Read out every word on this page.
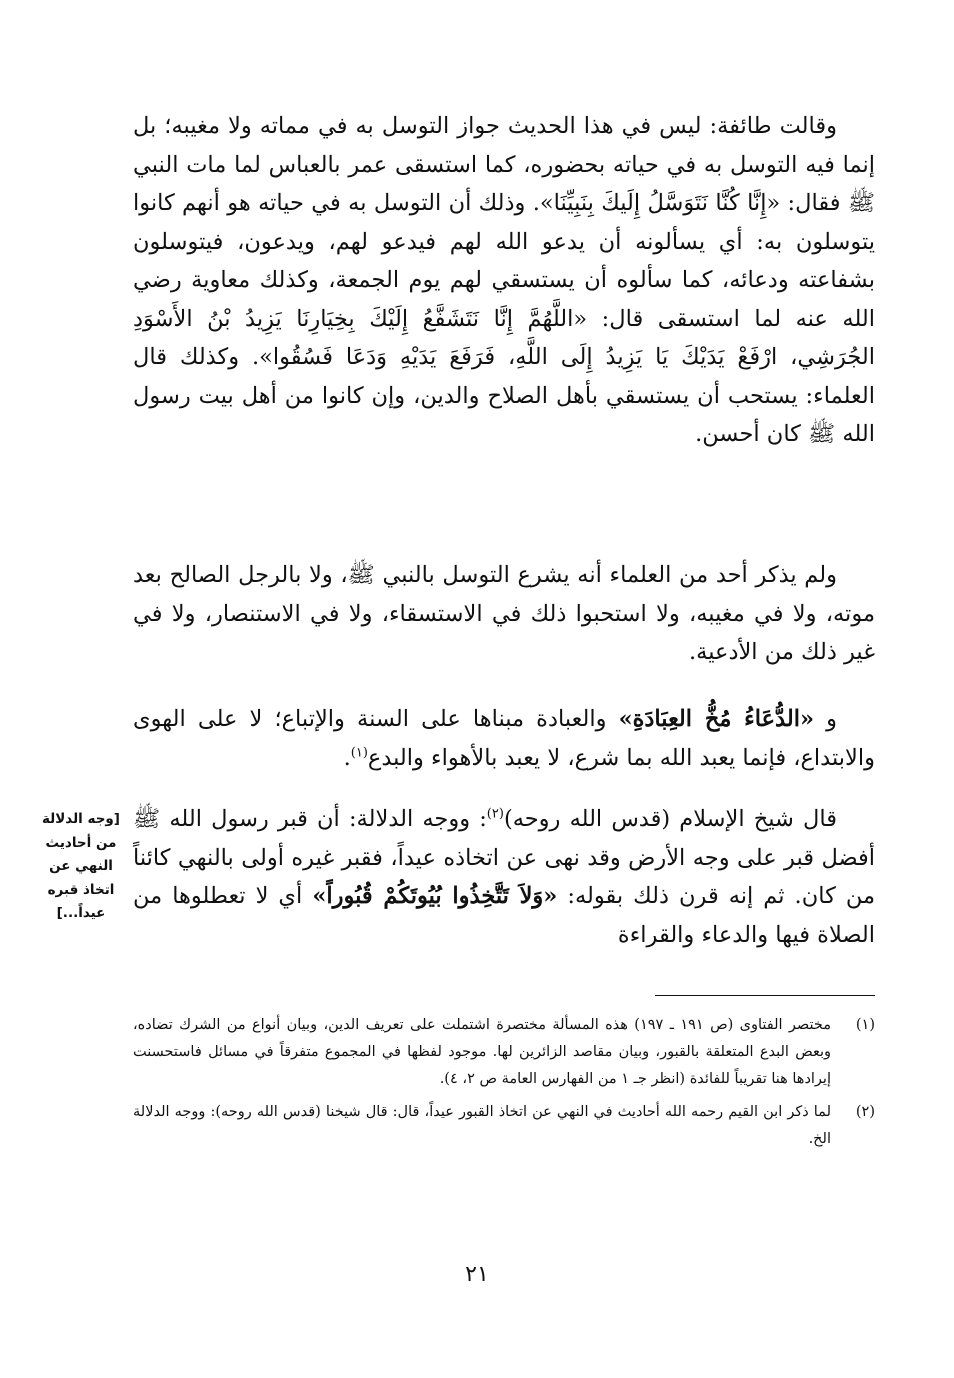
وقالت طائفة: ليس في هذا الحديث جواز التوسل به في مماته ولا مغيبه؛ بل إنما فيه التوسل به في حياته بحضوره، كما استسقى عمر بالعباس لما مات النبي ﷺ فقال: «إِنَّا كُنَّا نَتَوَسَّلُ إِلَيكَ بِنَبِيِّنَا». وذلك أن التوسل به في حياته هو أنهم كانوا يتوسلون به: أي يسألونه أن يدعو الله لهم فيدعو لهم، ويدعون، فيتوسلون بشفاعته ودعائه، كما سألوه أن يستسقي لهم يوم الجمعة، وكذلك معاوية رضي الله عنه لما استسقى قال: «اللَّهُمَّ إِنَّا نَتَشَفَّعُ إِلَيْكَ بِخِيَارِنَا يَزِيدُ بْنُ الأَسْوَدِ الجُرَشِي، ارْفَعْ يَدَيْكَ يَا يَزِيدُ إِلَى اللَّهِ، فَرَفَعَ يَدَيْهِ وَدَعَا فَسُقُوا». وكذلك قال العلماء: يستحب أن يستسقي بأهل الصلاح والدين، وإن كانوا من أهل بيت رسول الله ﷺ كان أحسن.

ولم يذكر أحد من العلماء أنه يشرع التوسل بالنبي ﷺ، ولا بالرجل الصالح بعد موته، ولا في مغيبه، ولا استحبوا ذلك في الاستسقاء، ولا في الاستنصار، ولا في غير ذلك من الأدعية.

و «الدُّعَاءُ مُخُّ العِبَادَةِ» والعبادة مبناها على السنة والإتباع؛ لا على الهوى والابتداع، فإنما يعبد الله بما شرع، لا يعبد بالأهواء والبدع$^{(١)}$.

قال شيخ الإسلام (قدس الله روحه)$^{(٢)}$: ووجه الدلالة: أن قبر رسول الله ﷺ أفضل قبر على وجه الأرض وقد نهى عن اتخاذه عيداً، فقبر غيره أولى بالنهي كائناً من كان. ثم إنه قرن ذلك بقوله: «وَلاَ تَتَّخِذُوا بُيُوتَكُمْ قُبُوراً» أي لا تعطلوها من الصلاة فيها والدعاء والقراءة

[وجه الدلالة من أحاديث النهي عن اتخاذ قبره عيداً...]
(١)
مختصر الفتاوى (ص ١٩١ ـ ١٩٧) هذه المسألة مختصرة اشتملت على تعريف الدين، وبيان أنواع من الشرك تضاده، وبعض البدع المتعلقة بالقبور، وبيان مقاصد الزائرين لها. موجود لفظها في المجموع متفرقاً في مسائل فاستحسنت إيرادها هنا تقريباً للفائدة (انظر جـ ١ من الفهارس العامة ص ٢، ٤).
(٢)
لما ذكر ابن القيم رحمه الله أحاديث في النهي عن اتخاذ القبور عيداً، قال: قال شيخنا (قدس الله روحه): ووجه الدلالة الخ.
٢١
